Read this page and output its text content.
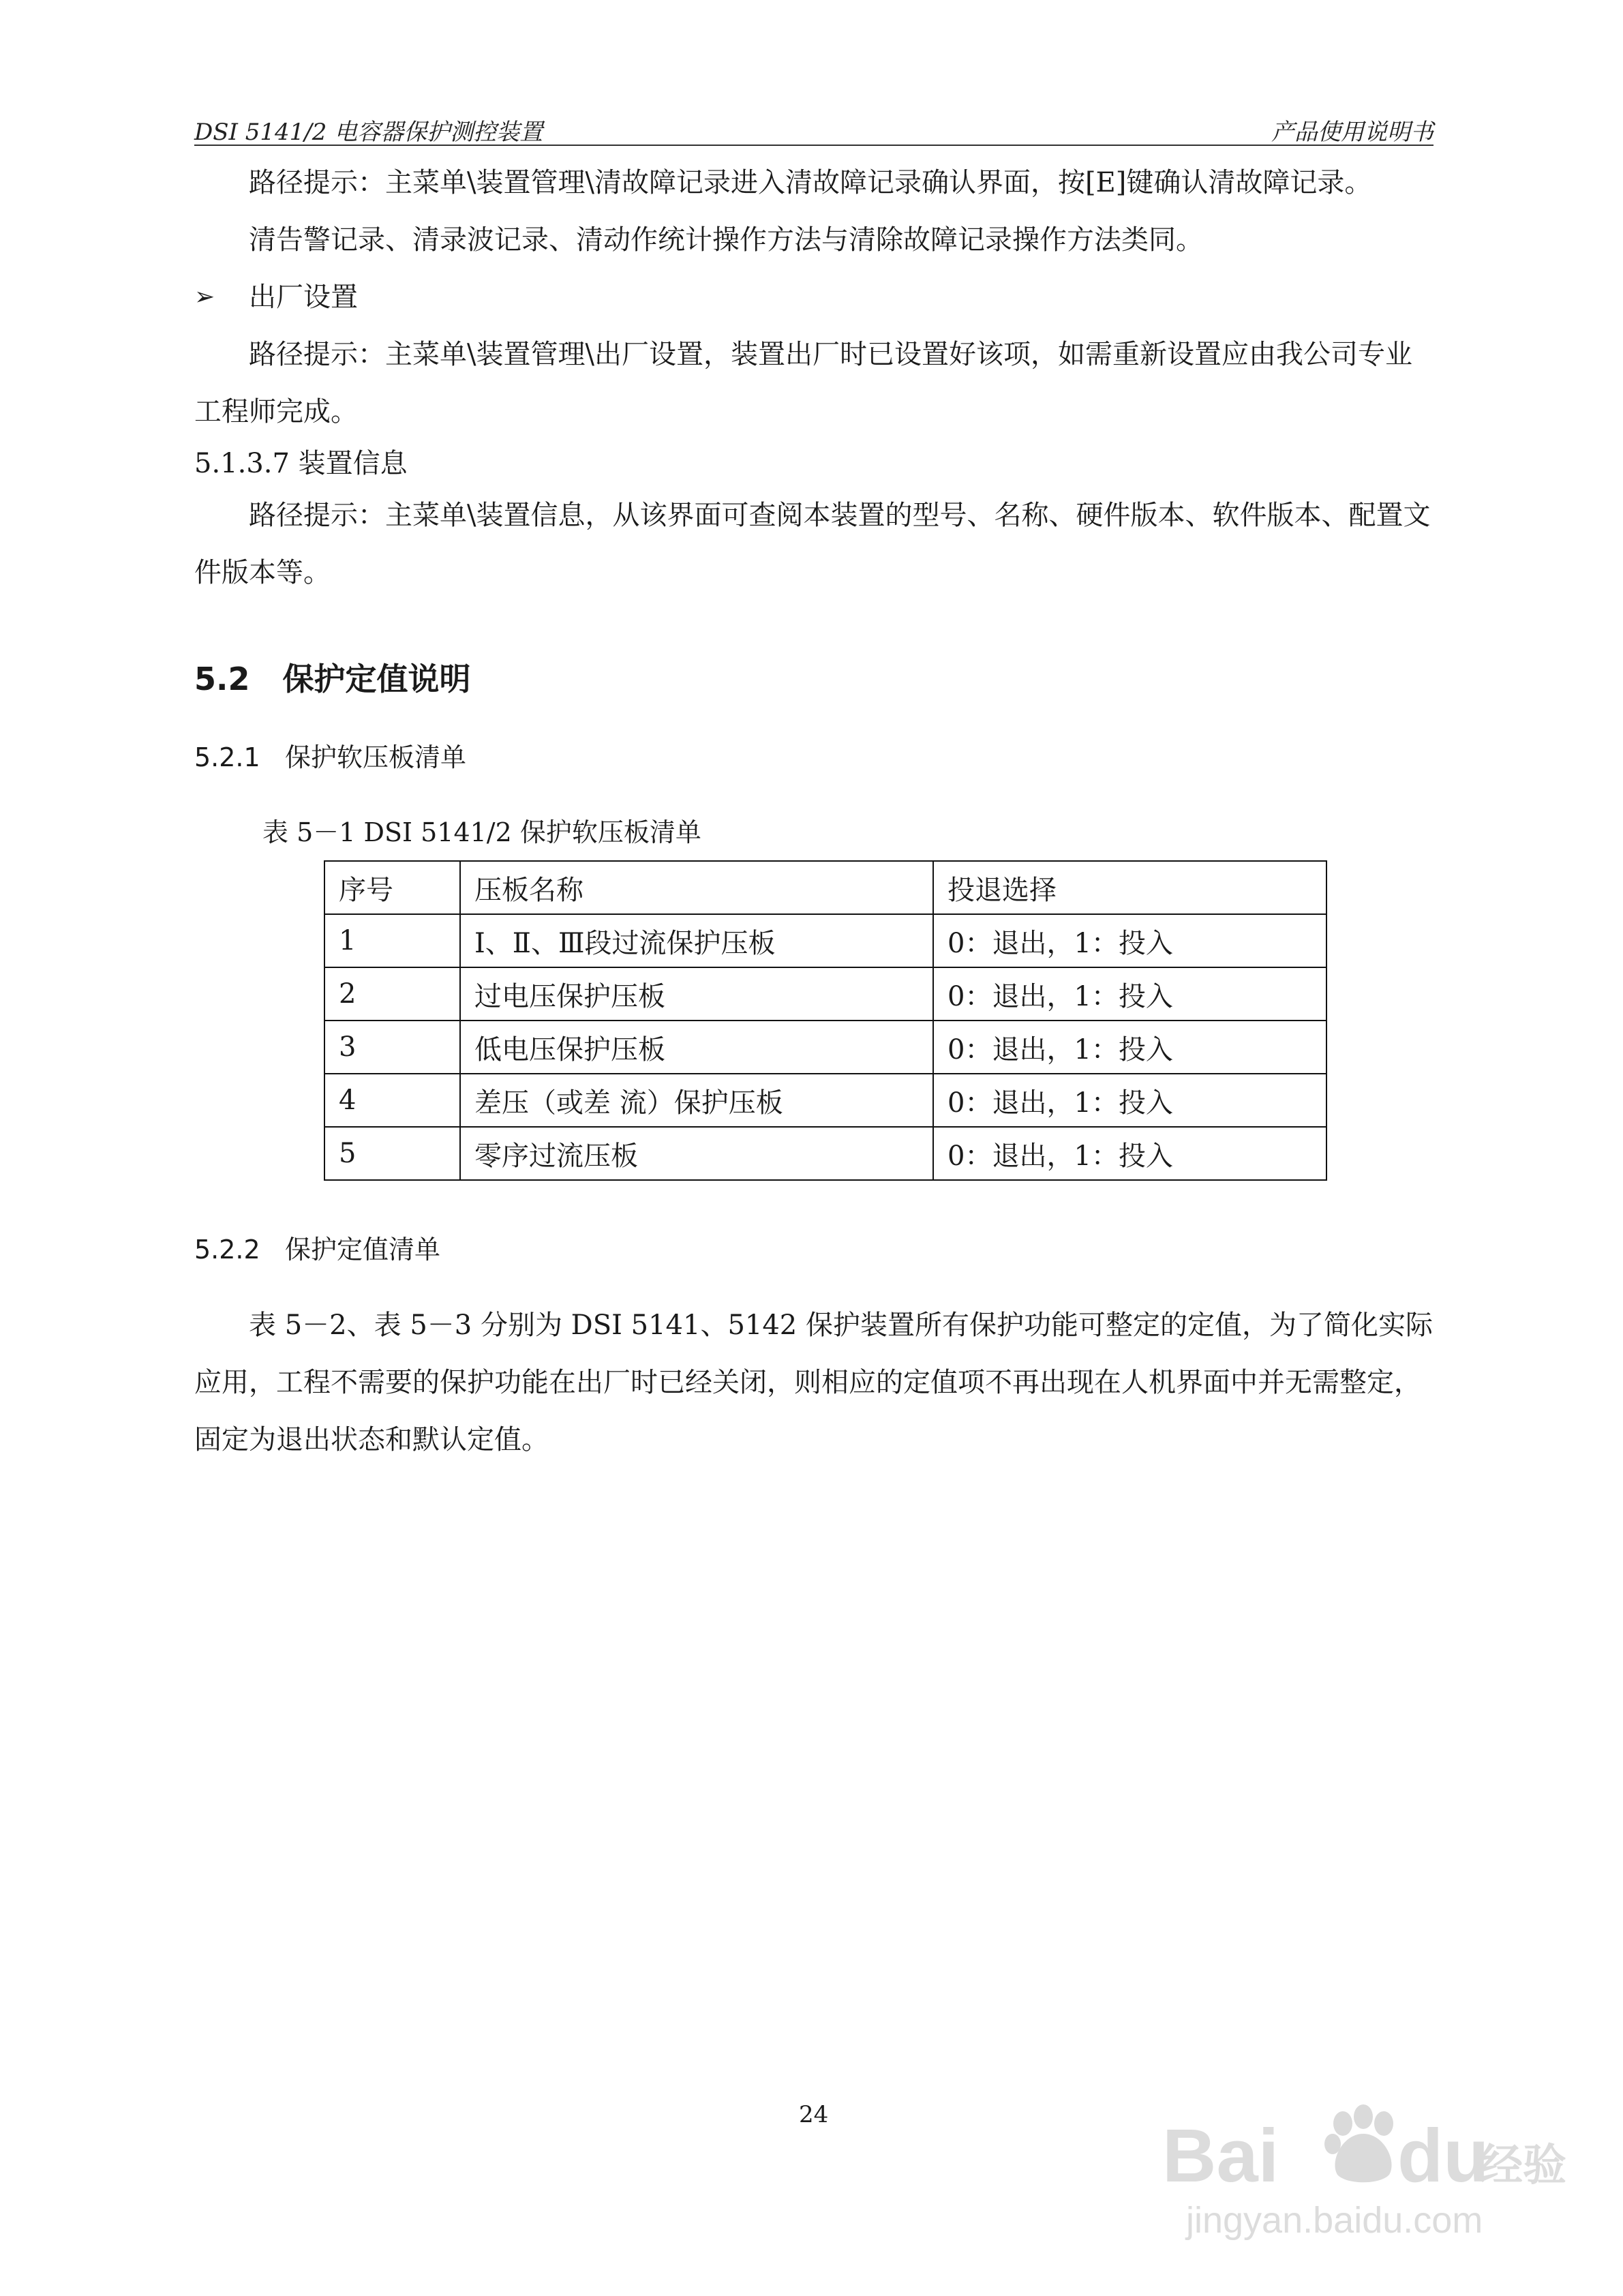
DSI 5141/2 电容器保护测控装置	产品使用说明书

路径提示：主菜单\装置管理\清故障记录进入清故障记录确认界面，按[E]键确认清故障记录。

清告警记录、清录波记录、清动作统计操作方法与清除故障记录操作方法类同。

➢ 出厂设置

路径提示：主菜单\装置管理\出厂设置，装置出厂时已设置好该项，如需重新设置应由我公司专业工程师完成。

5.1.3.7 装置信息

路径提示：主菜单\装置信息，从该界面可查阅本装置的型号、名称、硬件版本、软件版本、配置文件版本等。

5.2 保护定值说明
5.2.1 保护软压板清单
表 5－1 DSI 5141/2 保护软压板清单
序号	压板名称	投退选择
1	Ⅰ、Ⅱ、Ⅲ段过流保护压板	0：退出，1：投入
2	过电压保护压板	0：退出，1：投入
3	低电压保护压板	0：退出，1：投入
4	差压（或差 流）保护压板	0：退出，1：投入
5	零序过流压板	0：退出，1：投入
5.2.2 保护定值清单

表 5－2、表 5－3 分别为 DSI 5141、5142 保护装置所有保护功能可整定的定值，为了简化实际应用，工程不需要的保护功能在出厂时已经关闭，则相应的定值项不再出现在人机界面中并无需整定，固定为退出状态和默认定值。

24	Bai du
经验
jingyan.baidu.com
